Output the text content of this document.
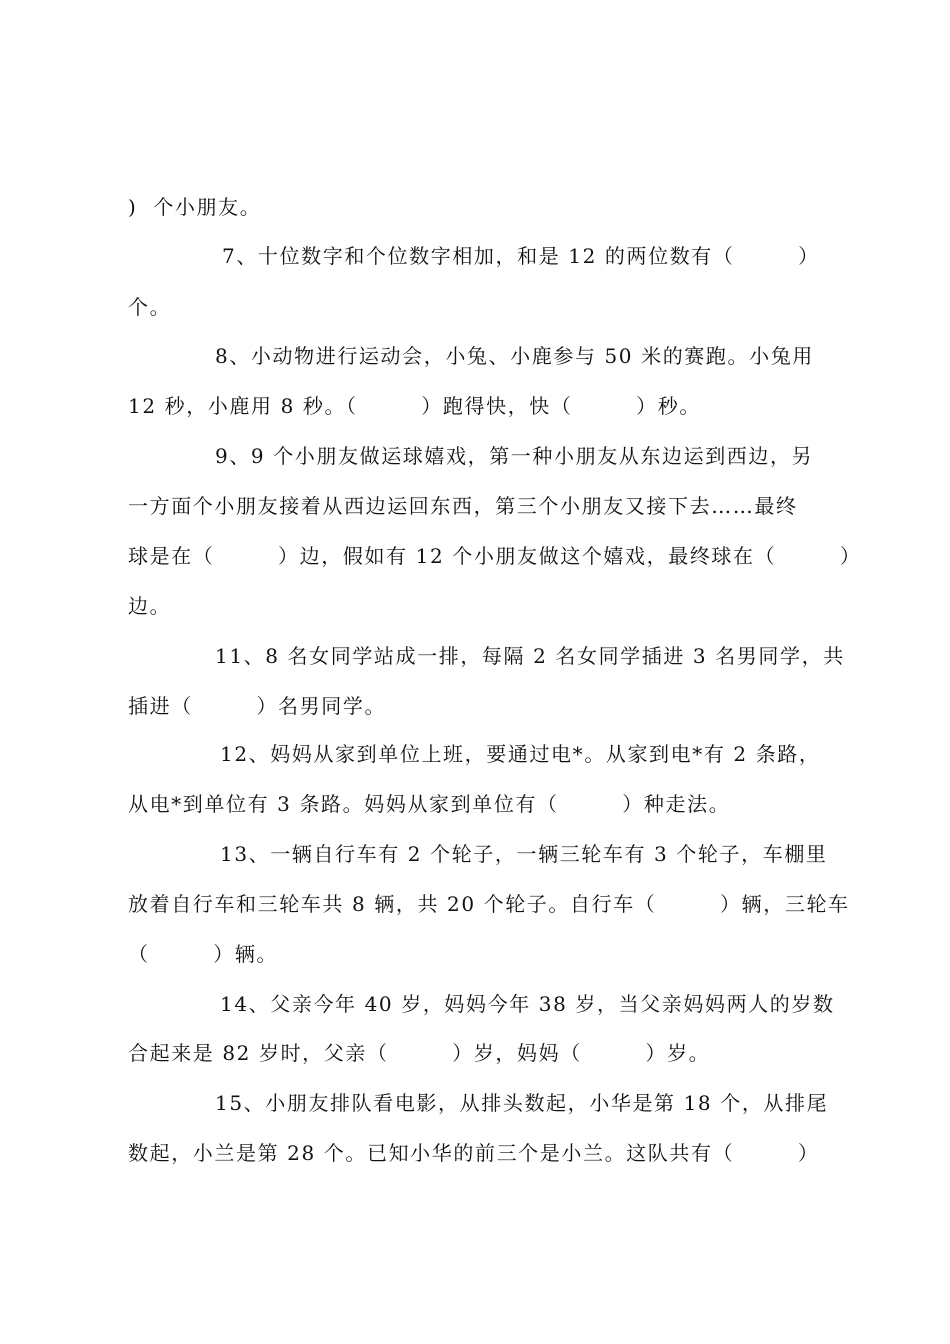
)  个小朋友。
7、十位数字和个位数字相加，和是 12 的两位数有（        ）
个。
8、小动物进行运动会，小兔、小鹿参与 50 米的赛跑。小兔用
12 秒，小鹿用 8 秒。（        ）跑得快，快（        ）秒。
9、9 个小朋友做运球嬉戏，第一种小朋友从东边运到西边，另
一方面个小朋友接着从西边运回东西，第三个小朋友又接下去……最终
球是在（        ）边，假如有 12 个小朋友做这个嬉戏，最终球在（        ）
边。
11、8 名女同学站成一排，每隔 2 名女同学插进 3 名男同学，共
插进（        ）名男同学。
12、妈妈从家到单位上班，要通过电*。从家到电*有 2 条路，
从电*到单位有 3 条路。妈妈从家到单位有（        ）种走法。
13、一辆自行车有 2 个轮子，一辆三轮车有 3 个轮子，车棚里
放着自行车和三轮车共 8 辆，共 20 个轮子。自行车（        ）辆，三轮车
（        ）辆。
14、父亲今年 40 岁，妈妈今年 38 岁，当父亲妈妈两人的岁数
合起来是 82 岁时，父亲（        ）岁，妈妈（        ）岁。
15、小朋友排队看电影，从排头数起，小华是第 18 个，从排尾
数起，小兰是第 28 个。已知小华的前三个是小兰。这队共有（        ）
